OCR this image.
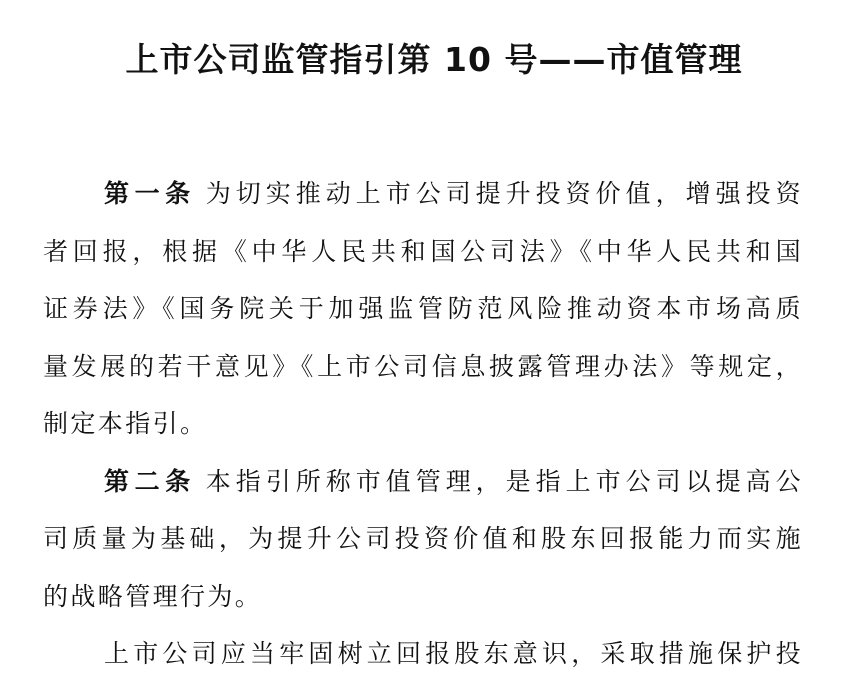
上市公司监管指引第 10 号——市值管理
第一条 为切实推动上市公司提升投资价值，增强投资
者回报，根据《中华人民共和国公司法》《中华人民共和国
证券法》《国务院关于加强监管防范风险推动资本市场高质
量发展的若干意见》《上市公司信息披露管理办法》等规定，
制定本指引。
第二条 本指引所称市值管理，是指上市公司以提高公
司质量为基础，为提升公司投资价值和股东回报能力而实施
的战略管理行为。
上市公司应当牢固树立回报股东意识，采取措施保护投
